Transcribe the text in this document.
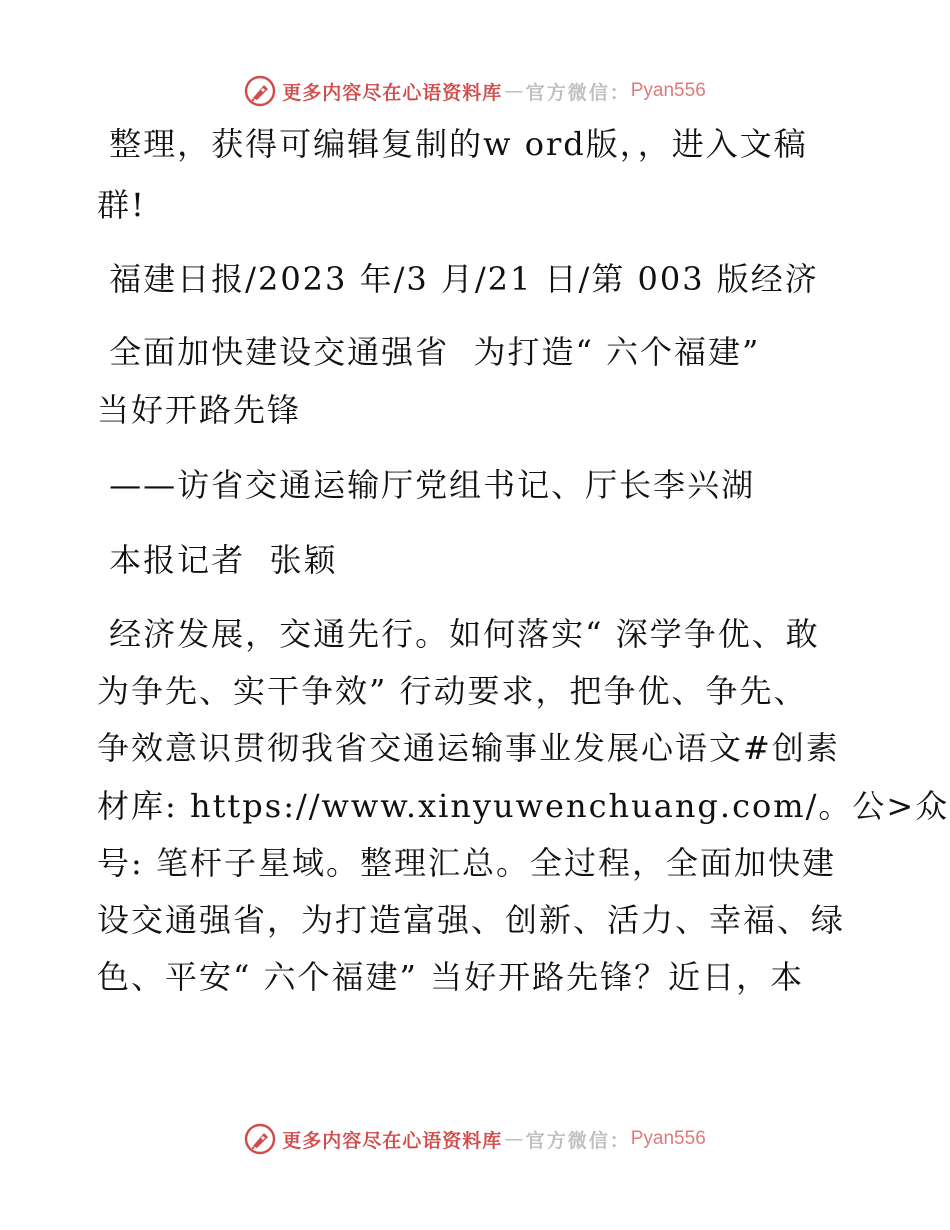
更多内容尽在心语资料库 — 官方微信： Pyan556

整理，获得可编辑复制的w ord版，，进入文稿

群!

福建日报/2023 年/3 月/21 日/第 003 版经济

全面加快建设交通强省  为打造“ 六个福建”

当好开路先锋

——访省交通运输厅党组书记、厅长李兴湖

本报记者  张颖

经济发展，交通先行。如何落实“ 深学争优、敢

为争先、实干争效” 行动要求，把争优、争先、

争效意识贯彻我省交通运输事业发展心语文#创素

材库: https://www.xinyuwenchuang.com/。公>众

号: 笔杆子星域。整理汇总。全过程，全面加快建

设交通强省，为打造富强、创新、活力、幸福、绿

色、平安“ 六个福建” 当好开路先锋？近日，本

更多内容尽在心语资料库 — 官方微信： Pyan556
